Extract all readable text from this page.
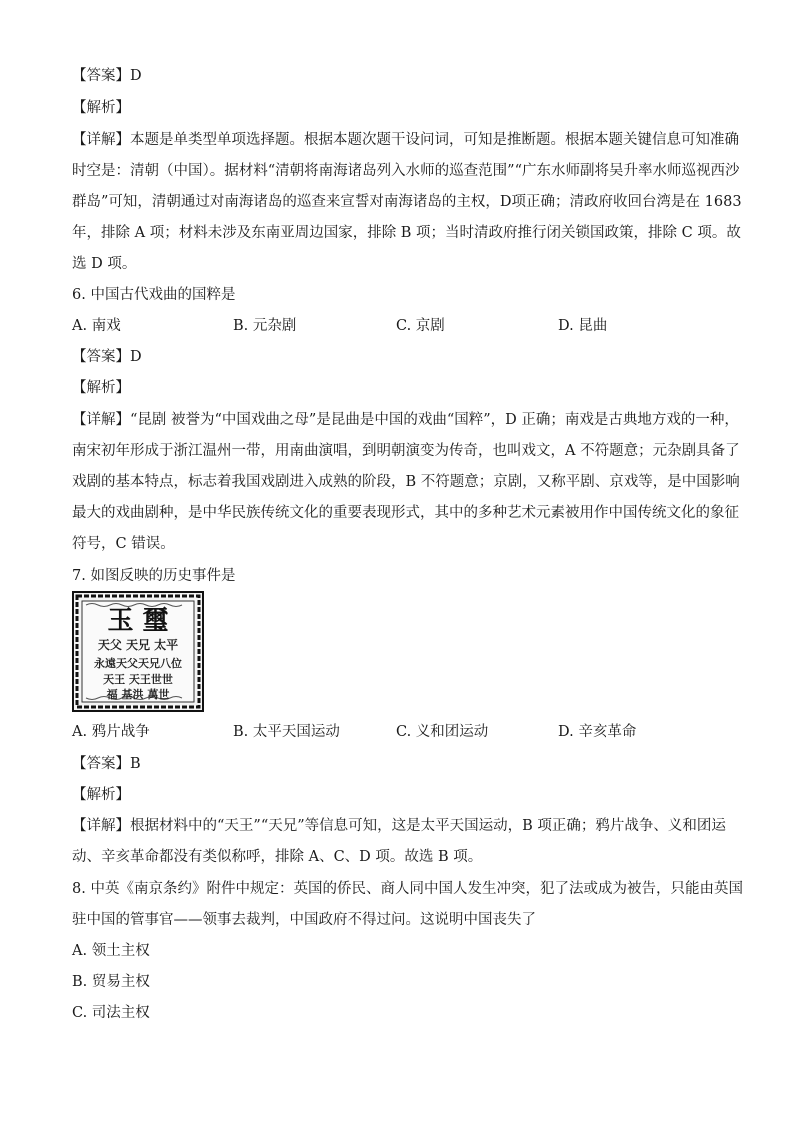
【答案】D
【解析】
【详解】本题是单类型单项选择题。根据本题次题干设问词，可知是推断题。根据本题关键信息可知准确
时空是：清朝（中国）。据材料“清朝将南海诸岛列入水师的巡查范围”“广东水师副将吴升率水师巡视西沙
群岛”可知，清朝通过对南海诸岛的巡查来宣誓对南海诸岛的主权，D项正确；清政府收回台湾是在 1683
年，排除 A 项；材料未涉及东南亚周边国家，排除 B 项；当时清政府推行闭关锁国政策，排除 C 项。故
选 D 项。
6. 中国古代戏曲的国粹是
A. 南戏	B. 元杂剧	C. 京剧	D. 昆曲
【答案】D
【解析】
【详解】“昆剧 被誉为“中国戏曲之母”是昆曲是中国的戏曲“国粹”，D 正确；南戏是古典地方戏的一种，
南宋初年形成于浙江温州一带，用南曲演唱，到明朝演变为传奇，也叫戏文，A 不符题意；元杂剧具备了
戏剧的基本特点，标志着我国戏剧进入成熟的阶段，B 不符题意；京剧，又称平剧、京戏等，是中国影响
最大的戏曲剧种，是中华民族传统文化的重要表现形式，其中的多种艺术元素被用作中国传统文化的象征
符号，C 错误。
7. 如图反映的历史事件是
玉 璽
天父 天兄 太平
永遠天父天兄八位
天王 天王世世
福 基洪 萬世
A. 鸦片战争	B. 太平天国运动	C. 义和团运动	D. 辛亥革命
【答案】B
【解析】
【详解】根据材料中的“天王”“天兄”等信息可知，这是太平天国运动，B 项正确；鸦片战争、义和团运
动、辛亥革命都没有类似称呼，排除 A、C、D 项。故选 B 项。
8. 中英《南京条约》附件中规定：英国的侨民、商人同中国人发生冲突，犯了法或成为被告，只能由英国
驻中国的管事官——领事去裁判，中国政府不得过问。这说明中国丧失了
A. 领土主权
B. 贸易主权
C. 司法主权
